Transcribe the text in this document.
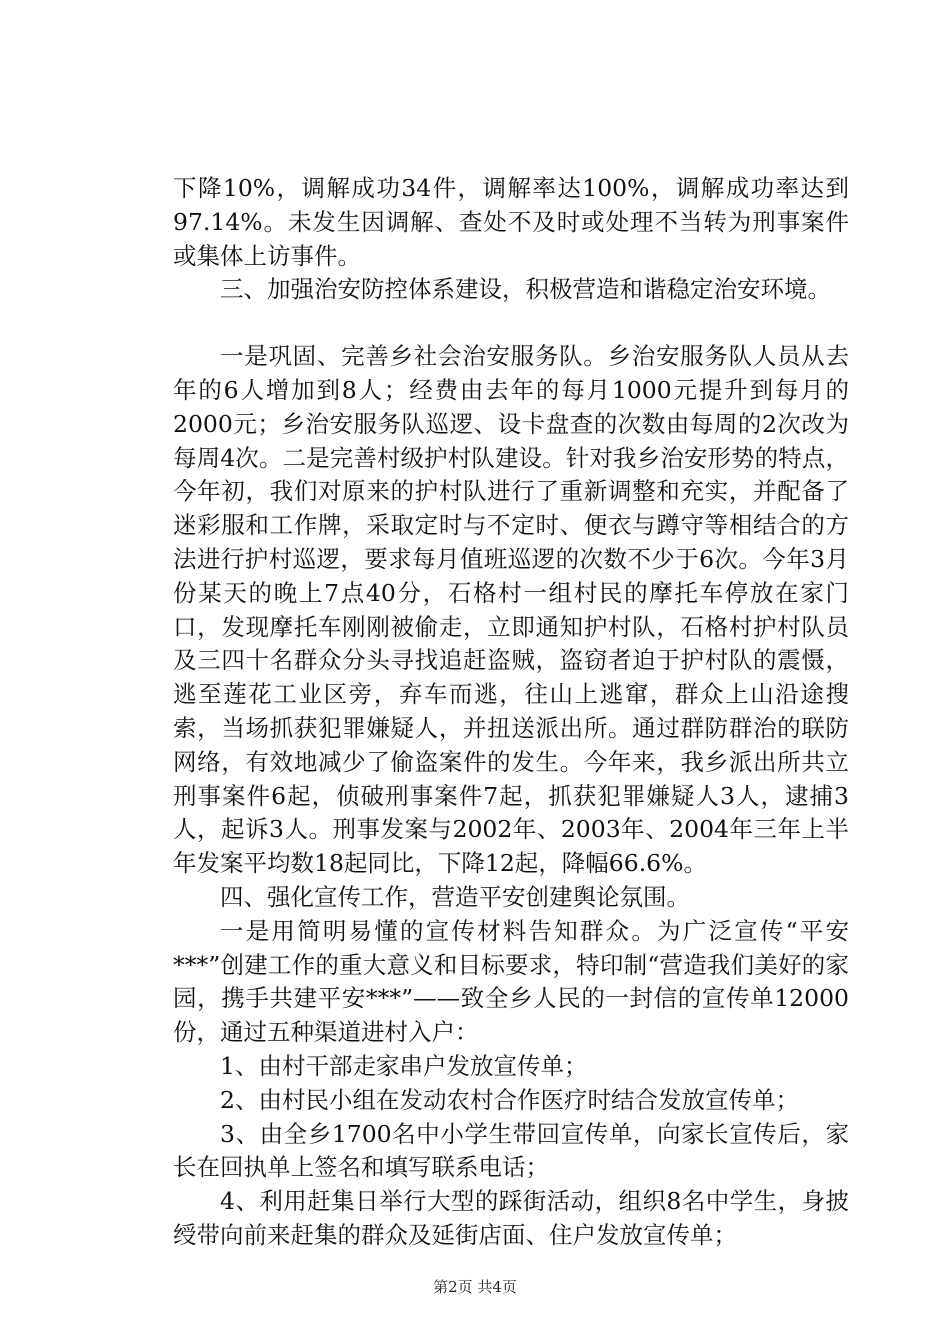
下降10%，调解成功34件，调解率达100%，调解成功率达到97.14%。未发生因调解、查处不及时或处理不当转为刑事案件或集体上访事件。

三、加强治安防控体系建设，积极营造和谐稳定治安环境。

一是巩固、完善乡社会治安服务队。乡治安服务队人员从去年的6人增加到8人；经费由去年的每月1000元提升到每月的2000元；乡治安服务队巡逻、设卡盘查的次数由每周的2次改为每周4次。二是完善村级护村队建设。针对我乡治安形势的特点，今年初，我们对原来的护村队进行了重新调整和充实，并配备了迷彩服和工作牌，采取定时与不定时、便衣与蹲守等相结合的方法进行护村巡逻，要求每月值班巡逻的次数不少于6次。今年3月份某天的晚上7点40分，石格村一组村民的摩托车停放在家门口，发现摩托车刚刚被偷走，立即通知护村队，石格村护村队员及三四十名群众分头寻找追赶盗贼，盗窃者迫于护村队的震慑，逃至莲花工业区旁，弃车而逃，往山上逃窜，群众上山沿途搜索，当场抓获犯罪嫌疑人，并扭送派出所。通过群防群治的联防网络，有效地减少了偷盗案件的发生。今年来，我乡派出所共立刑事案件6起，侦破刑事案件7起，抓获犯罪嫌疑人3人，逮捕3人，起诉3人。刑事发案与2002年、2003年、2004年三年上半年发案平均数18起同比，下降12起，降幅66.6%。

四、强化宣传工作，营造平安创建舆论氛围。

一是用简明易懂的宣传材料告知群众。为广泛宣传“平安***”创建工作的重大意义和目标要求，特印制“营造我们美好的家园，携手共建平安***”——致全乡人民的一封信的宣传单12000份，通过五种渠道进村入户：

1、由村干部走家串户发放宣传单；

2、由村民小组在发动农村合作医疗时结合发放宣传单；

3、由全乡1700名中小学生带回宣传单，向家长宣传后，家长在回执单上签名和填写联系电话；

4、利用赶集日举行大型的踩街活动，组织8名中学生，身披绶带向前来赶集的群众及延街店面、住户发放宣传单；

第2页 共4页
